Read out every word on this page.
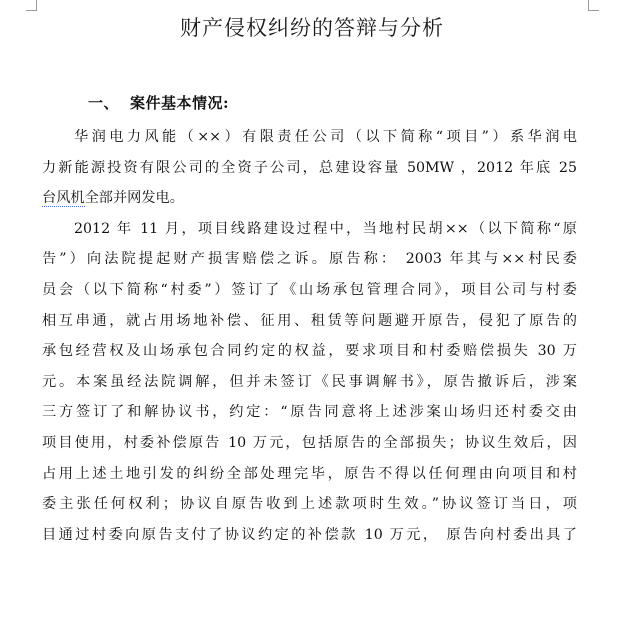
财产侵权纠纷的答辩与分析
一、 案件基本情况:
华润电力风能（××）有限责任公司（以下简称“项目”）系华润电
力新能源投资有限公司的全资子公司，总建设容量 50MW ，2012 年底 25
台风机全部并网发电。
2012 年 11 月，项目线路建设过程中，当地村民胡××（以下简称“原
告”）向法院提起财产损害赔偿之诉。原告称： 2003 年其与××村民委
员会（以下简称“村委”）签订了《山场承包管理合同》，项目公司与村委
相互串通，就占用场地补偿、征用、租赁等问题避开原告，侵犯了原告的
承包经营权及山场承包合同约定的权益，要求项目和村委赔偿损失 30 万
元。本案虽经法院调解，但并未签订《民事调解书》，原告撤诉后，涉案
三方签订了和解协议书，约定：“原告同意将上述涉案山场归还村委交由
项目使用，村委补偿原告 10 万元，包括原告的全部损失；协议生效后，因
占用上述土地引发的纠纷全部处理完毕，原告不得以任何理由向项目和村
委主张任何权利；协议自原告收到上述款项时生效。”协议签订当日，项
目通过村委向原告支付了协议约定的补偿款 10 万元， 原告向村委出具了
